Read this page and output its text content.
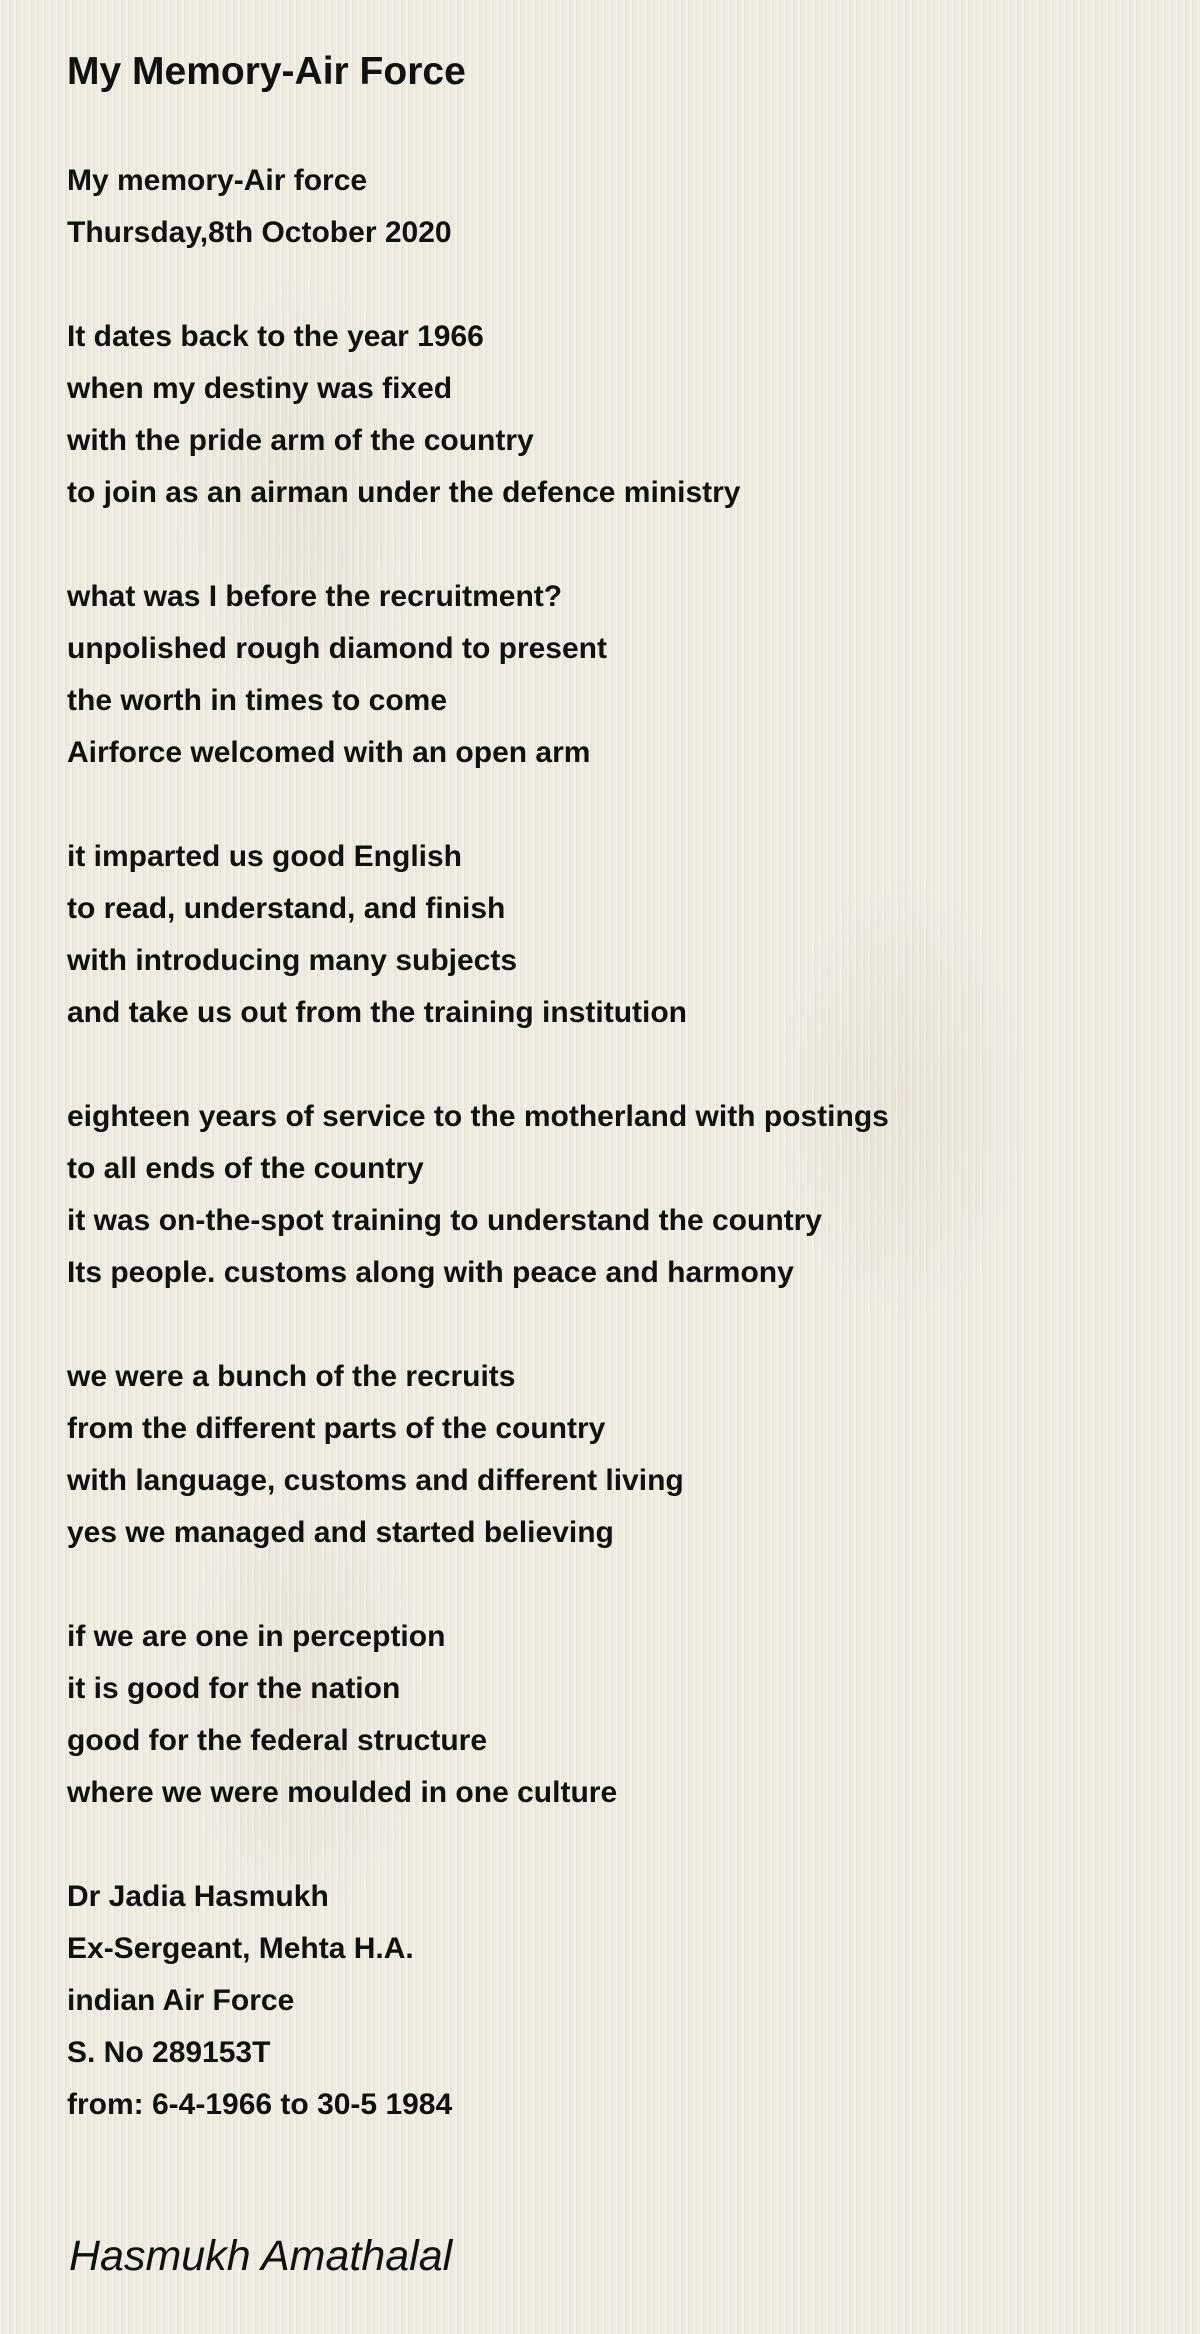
My Memory-Air Force
My memory-Air force
Thursday,8th October 2020
It dates back to the year 1966
when my destiny was fixed
with the pride arm of the country
to join as an airman under the defence ministry
what was I before the recruitment?
unpolished rough diamond to present
the worth in times to come
Airforce welcomed with an open arm
it imparted us good English
to read, understand, and finish
with introducing many subjects
and take us out from the training institution
eighteen years of service to the motherland with postings
to all ends of the country
it was on-the-spot training to understand the country
Its people. customs along with peace and harmony
we were a bunch of the recruits
from the different parts of the country
with language, customs and different living
yes we managed and started believing
if we are one in perception
it is good for the nation
good for the federal structure
where we were moulded in one culture
Dr Jadia Hasmukh
Ex-Sergeant, Mehta H.A.
indian Air Force
S. No 289153T
from: 6-4-1966 to 30-5 1984
Hasmukh Amathalal
